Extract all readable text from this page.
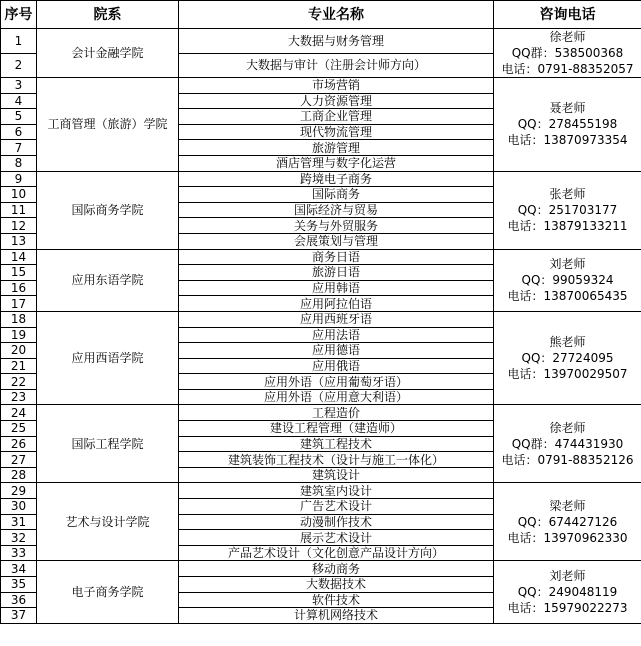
序号	院系	专业名称	咨询电话
1	会计金融学院	大数据与财务管理	徐老师
QQ群：538500368
电话：0791-88352057

2		大数据与审计（注册会计师方向）	
3	工商管理（旅游）学院	市场营销	聂老师
QQ：278455198
电话：13870973354

4		人力资源管理	
5		工商企业管理	
6		现代物流管理	
7		旅游管理	
8		酒店管理与数字化运营	
9	国际商务学院	跨境电子商务	张老师
QQ：251703177
电话：13879133211

10		国际商务	
11		国际经济与贸易	
12		关务与外贸服务	
13		会展策划与管理	
14	应用东语学院	商务日语	刘老师
QQ：99059324
电话：13870065435

15		旅游日语	
16		应用韩语	
17		应用阿拉伯语	
18	应用西语学院	应用西班牙语	熊老师
QQ：27724095
电话：13970029507

19		应用法语	
20		应用德语	
21		应用俄语	
22		应用外语（应用葡萄牙语）	
23		应用外语（应用意大利语）	
24	国际工程学院	工程造价	徐老师
QQ群：474431930
电话：0791-88352126

25		建设工程管理（建造师）	
26		建筑工程技术	
27		建筑装饰工程技术（设计与施工一体化）	
28		建筑设计	
29	艺术与设计学院	建筑室内设计	梁老师
QQ：674427126
电话：13970962330

30		广告艺术设计	
31		动漫制作技术	
32		展示艺术设计	
33		产品艺术设计（文化创意产品设计方向）	
34	电子商务学院	移动商务	刘老师
QQ：249048119
电话：15979022273

35		大数据技术	
36		软件技术	
37		计算机网络技术	
